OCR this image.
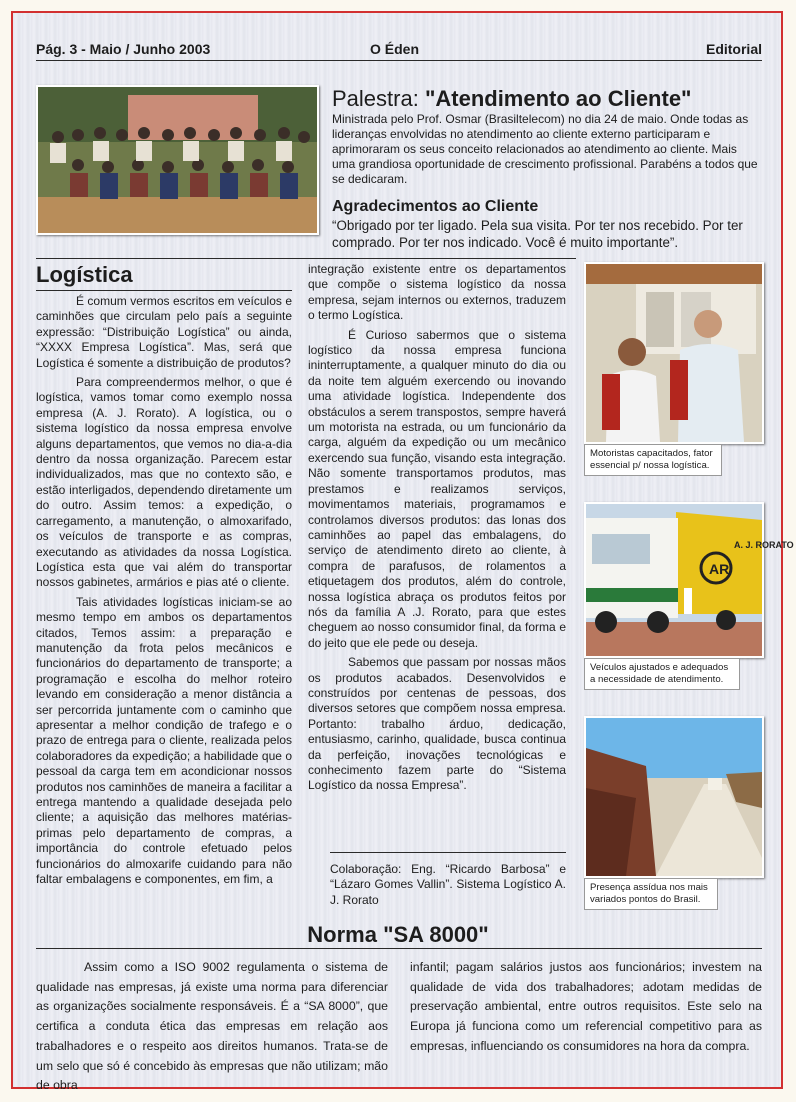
Pág. 3 - Maio / Junho 2003	O Éden	Editorial
Palestra: "Atendimento ao Cliente"
Ministrada pelo Prof. Osmar (Brasiltelecom) no dia 24 de maio. Onde todas as lideranças envolvidas no atendimento ao cliente externo participaram e aprimoraram os seus conceito relacionados ao atendimento ao cliente. Mais uma grandiosa oportunidade de crescimento profissional. Parabéns a todos que se dedicaram.
Agradecimentos ao Cliente
“Obrigado por ter ligado. Pela sua visita. Por ter nos recebido. Por ter comprado. Por ter nos indicado. Você é muito importante”.
Logística

É comum vermos escritos em veículos e caminhões que circulam pelo país a seguinte expressão: “Distribuição Logística” ou ainda, “XXXX Empresa Logística”. Mas, será que Logística é somente a distribuição de produtos?

Para compreendermos melhor, o que é logística, vamos tomar como exemplo nossa empresa (A. J. Rorato). A logística, ou o sistema logístico da nossa empresa envolve alguns departamentos, que vemos no dia-a-dia dentro da nossa organização. Parecem estar individualizados, mas que no contexto são, e estão interligados, dependendo diretamente um do outro. Assim temos: a expedição, o carregamento, a manutenção, o almoxarifado, os veículos de transporte e as compras, executando as atividades da nossa Logística. Logística esta que vai além do transportar nossos gabinetes, armários e pias até o cliente.

Tais atividades logísticas iniciam-se ao mesmo tempo em ambos os departamentos citados, Temos assim: a preparação e manutenção da frota pelos mecânicos e funcionários do departamento de transporte; a programação e escolha do melhor roteiro levando em consideração a menor distância a ser percorrida juntamente com o caminho que apresentar a melhor condição de trafego e o prazo de entrega para o cliente, realizada pelos colaboradores da expedição; a habilidade que o pessoal da carga tem em acondicionar nossos produtos nos caminhões de maneira a facilitar a entrega mantendo a qualidade desejada pelo cliente; a aquisição das melhores matérias-primas pelo departamento de compras, a importância do controle efetuado pelos funcionários do almoxarife cuidando para não faltar embalagens e componentes, em fim, a

integração existente entre os departamentos que compõe o sistema logístico da nossa empresa, sejam internos ou externos, traduzem o termo Logística.

É Curioso sabermos que o sistema logístico da nossa empresa funciona ininterruptamente, a qualquer minuto do dia ou da noite tem alguém exercendo ou inovando uma atividade logística. Independente dos obstáculos a serem transpostos, sempre haverá um motorista na estrada, ou um funcionário da carga, alguém da expedição ou um mecânico exercendo sua função, visando esta integração. Não somente transportamos produtos, mas prestamos e realizamos serviços, movimentamos materiais, programamos e controlamos diversos produtos: das lonas dos caminhões ao papel das embalagens, do serviço de atendimento direto ao cliente, à compra de parafusos, de rolamentos a etiquetagem dos produtos, além do controle, nossa logística abraça os produtos feitos por nós da família A .J. Rorato, para que estes cheguem ao nosso consumidor final, da forma e do jeito que ele pede ou deseja.

Sabemos que passam por nossas mãos os produtos acabados. Desenvolvidos e construídos por centenas de pessoas, dos diversos setores que compõem nossa empresa. Portanto: trabalho árduo, dedicação, entusiasmo, carinho, qualidade, busca continua da perfeição, inovações tecnológicas e conhecimento fazem parte do “Sistema Logístico da nossa Empresa”.

Colaboração: Eng. “Ricardo Barbosa” e “Lázaro Gomes Vallin”. Sistema Logístico A. J. Rorato
Motoristas capacitados, fator essencial p/ nossa logística.
AR
A. J. RORATO
Veículos ajustados e adequados a necessidade de atendimento.
Presença assídua nos mais variados pontos do Brasil.
Norma "SA 8000"
Assim como a ISO 9002 regulamenta o sistema de qualidade nas empresas, já existe uma norma para diferenciar as organizações socialmente responsáveis. É a “SA 8000”, que certifica a conduta ética das empresas em relação aos trabalhadores e o respeito aos direitos humanos. Trata-se de um selo que só é concebido às empresas que não utilizam; mão de obra
infantil; pagam salários justos aos funcionários; investem na qualidade de vida dos trabalhadores; adotam medidas de preservação ambiental, entre outros requisitos. Este selo na Europa já funciona como um referencial competitivo para as empresas, influenciando os consumidores na hora da compra.
